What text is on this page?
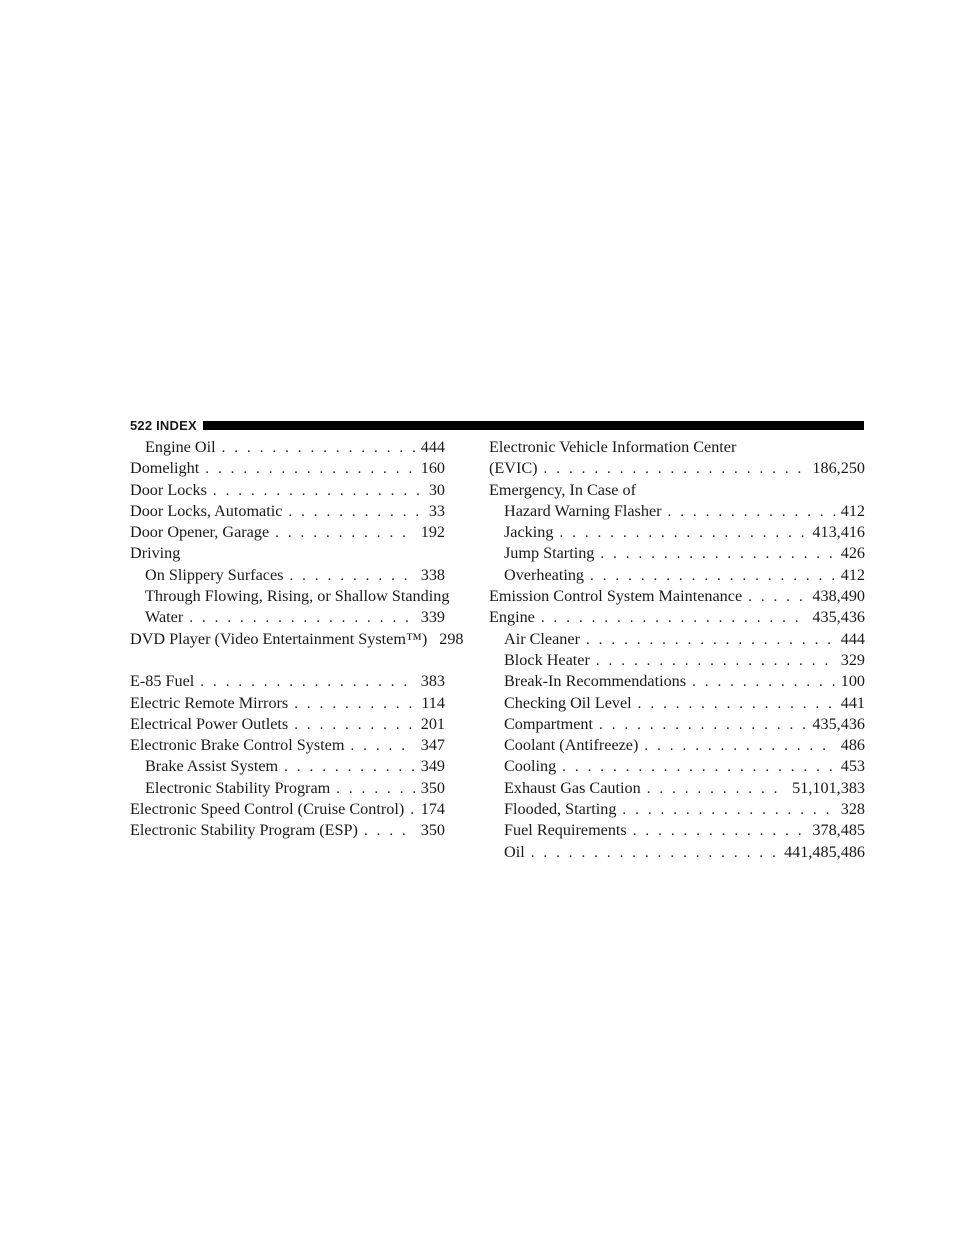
522 INDEX
Engine Oil . . .	444
Domelight . . .	160
Door Locks . . .	30
Door Locks, Automatic . . .	33
Door Opener, Garage . . .	192
Driving
On Slippery Surfaces . . .	338
Through Flowing, Rising, or Shallow Standing
Water . . .	339
DVD Player (Video Entertainment System™) 298
E-85 Fuel . . .	383
Electric Remote Mirrors . . .	114
Electrical Power Outlets . . .	201
Electronic Brake Control System . . .	347
Brake Assist System . . .	349
Electronic Stability Program . . .	350
Electronic Speed Control (Cruise Control) . . . 174
Electronic Stability Program (ESP) . . .	350
Electronic Vehicle Information Center
(EVIC) . . .	186,250
Emergency, In Case of
Hazard Warning Flasher . . .	412
Jacking . . .	413,416
Jump Starting . . .	426
Overheating . . .	412
Emission Control System Maintenance . . .	438,490
Engine . . .	435,436
Air Cleaner . . .	444
Block Heater . . .	329
Break-In Recommendations . . .	100
Checking Oil Level . . .	441
Compartment . . .	435,436
Coolant (Antifreeze) . . .	486
Cooling . . .	453
Exhaust Gas Caution . . .	51,101,383
Flooded, Starting . . .	328
Fuel Requirements . . .	378,485
Oil . . .	441,485,486
